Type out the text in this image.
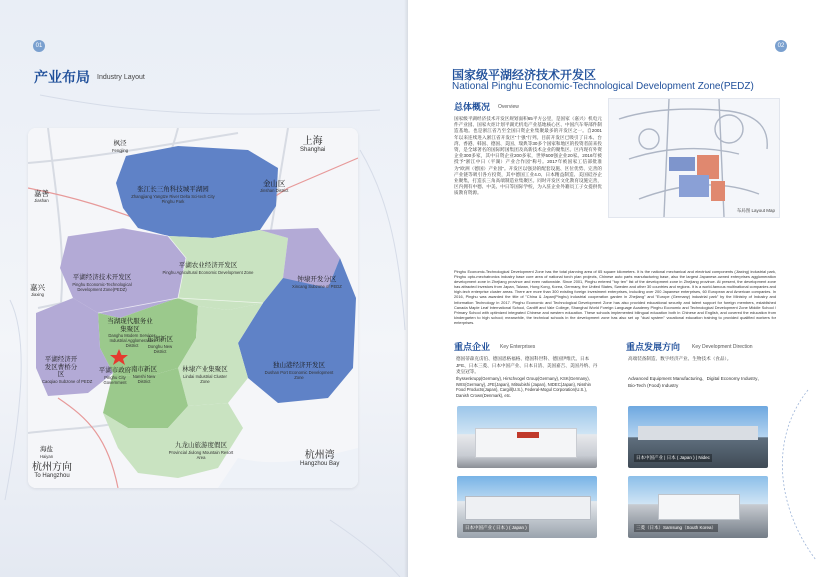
01
产业布局 Industry Layout
枫泾
Fengjing
上海
Shanghai
嘉善
Jiashan
金山区
Jinshan District
嘉兴
Jiaxing
海盐
Haiyan
杭州方向
To Hangzhou
杭州湾
Hangzhou Bay
张江长三角科技城平湖园
Zhangjiang Yangtze River Delta Sci-tech City Pinghu Park
平湖经济技术开发区
Pinghu Economic-Technological Development Zone(PEDZ)
平湖农业经济开发区
Pinghu Agricultural Economic Development Zone
钟埭开发分区
Xincang Subzone of PEDZ
当湖现代服务业集聚区
Danghu Modern Services Industrial Agglomeration District
东湖新区
Donghu New District
平湖经济开发区曹桥分区
Caoqiao Subzone of PEDZ
平湖市政府
Pinghu City Government
南市新区
Nanshi New District
林埭产业集聚区
Lindai Industrial Cluster Zone
独山港经济开发区
Dushan Port Economic Development Zone
九龙山旅游度假区
Provincial Jiulong Mountain Resort Area
02
国家级平湖经济技术开发区
National Pinghu Economic-Technological Development Zone(PEDZ)
总体概况 Overview
国家级平湖经济技术开发区规划面积65平方公里，是国家（嘉兴）机电元件产业园、国家火炬计划平湖光机电产业基地核心区、中国汽车零部件制造基地。也是浙江省乃至全国日资企业集聚最多的开发区之一。自2001年以来连续进入浙江省开发区“十强”行列。目前开发区已吸引了日本、台湾、香港、韩国、德国、美国、瑞典等30多个国家和地区的投资者前来投资，是全球著名的国际跨国集团及高新技术企业的聚集区。区内现有外资企业300多家，其中日资企业200多家，世界500强企业20家。2016年被授予“浙江中日（平湖）产业合作园”称号。2017年被国家工信部批准为“欧洲（德国）产业园”。开发区以强劲的配套设施、区位优势、完善的产业链等吸引各方投资，其中德国工业4.0、日本精益制造、美国硅谷企业聚集，打造长三角高端制造业集聚区。同时开发区文化教育设施完善，区内拥有中德、中美、中日等国际学校，为入驻企业外籍员工子女提供优质教育资源。
布局图 Layout Map
Pinghu Economic-Technological Development Zone has the total planning area of 65 square kilometers. It is the national mechanical and electrical components (Jiaxing) industrial park, Pinghu opto-mechatronics industry base core area of national torch plan projects, Chinese auto parts manufacturing base, also the largest Japanese-owned enterprises agglomeration development zone in Zhejiang province and even nationwide. Since 2001, Pinghu entered "top ten" list of the development zone in Zhejiang province. At present, the development zone has attracted investors from Japan, Taiwan, Hong Kong, Korea, Germany, the United States, Sweden and other 30 countries and regions. It is a world-famous multinational companies and high-tech enterprise cluster areas. There are more than 300 existing foreign investment enterprises, including over 200 Japanese enterprises, 60 European and American companies. In 2016, Pinghu was awarded the title of "China & Japan(Pinghu) industrial cooperation garden in Zhejiang" and "Europe (Germany) industrial park" by the Ministry of Industry and Information Technology in 2017. Pinghu Economic and Technological Development Zone has also provided educational security and talent support for foreign members, established Canada Maple Leaf International School, Cardiff and Vale College, Shanghai World Foreign Language Academy Pinghu Economic and Technological Development Zone Middle School / Primary School with optimized integrated Chinese and western education. These schools implemented bilingual education both in Chinese and English, and covered the education from kindergarten to high school; meanwhile, the technical schools in the development zone has also set up "dual system" vocational education training to provided qualified workers for enterprises.
重点企业 Key Enterprises
德国蒂森克虏伯、德国恩格福格、德国科世科、德国伊维氏、日本JFE、日本三菱、日本中国产业、日本日清、美国嘉吉、美国丹纳、丹麦皇冠等。
thyssenkrupp(Germany), Hirschvogel Group(Germany), KSK(Germany), IWIS(Germany), JFE(Japan), Mitsubishi (Japan), NIDEC(Japan), Nisshin Food Products(Japan), Cargill(U.S.), Federal-Mogul Corporation(U.S.), Danish Crown(Denmark), etc.
重点发展方向 Key Development Direction
高端装备制造、数字经济产业、生物技术（食品）。
Advanced Equipment Manufacturing、Digital Economy Industry、Bio-Tech (Food) Industry
日本中国产业 | 日本 ( Japan ) | Nidec
日本中国产业 ( 日本 ) ( Japan )	三菱（日本）Samsung（South Korea）
